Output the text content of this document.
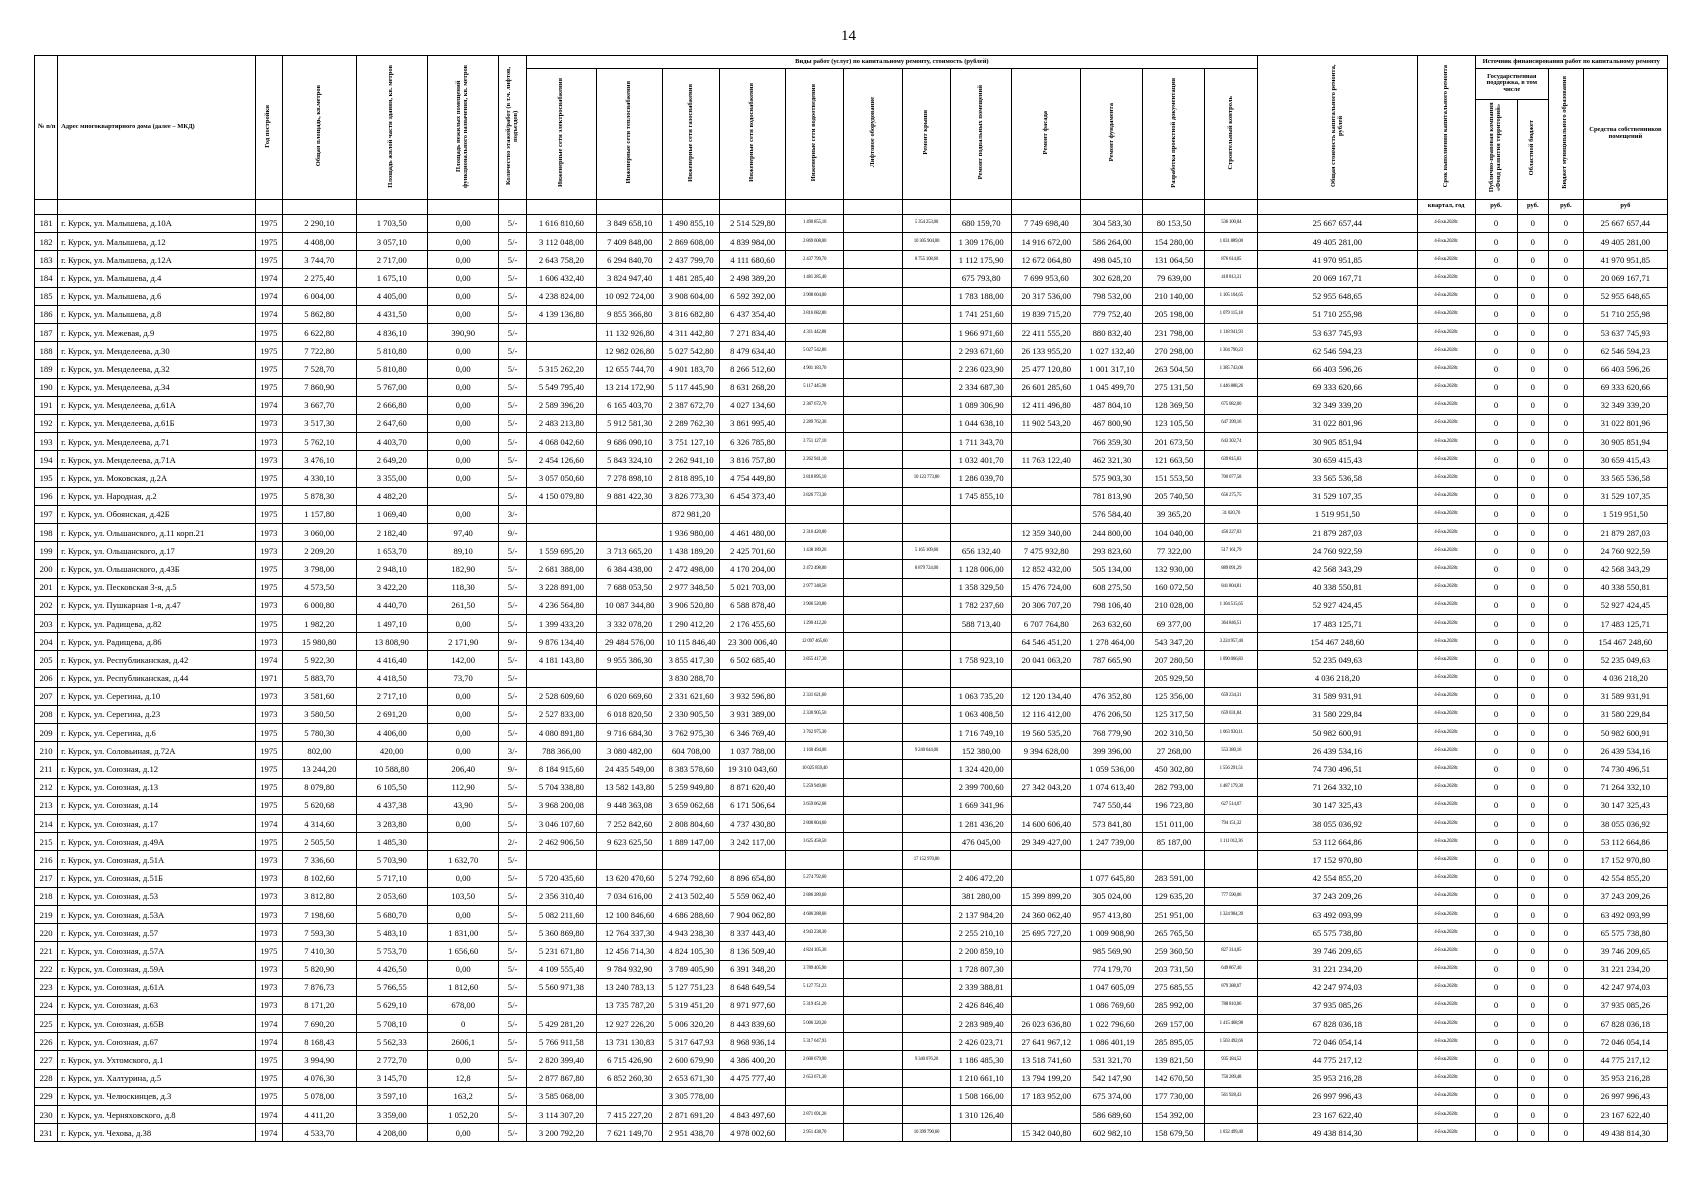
14
№ п/п	Адрес многоквартирного дома (далее – МКД)	Год постройки	Общая площадь, кв.метров	Площадь жилой части здания, кв. метров	Площадь нежилых помещений функционального назначения, кв. метров	Количество этажей/работ (в т.ч. лифтов, подъездов)	Виды работ (услуг) по капитальному ремонту, стоимость (рублей)												Общая стоимость капитального ремонта, рублей	Срок выполнения капитального ремонта	Источник финансирования работ по капитальному ремонту			
							Инженерные сети электроснабжения	Инженерные сети теплоснабжения	Инженерные сети газоснабжения	Инженерные сети водоснабжения	Инженерные сети водоотведения	Лифтовое оборудование	Ремонт крыши	Ремонт подвальных помещений	Ремонт фасада	Ремонт фундамента	Разработка проектной документации	Строительный контроль			Государственная поддержка, в том числе		Бюджет муниципального образования	Средства собственников помещений
																					Публично-правовая компания «Фонд развития территорий»	Областной бюджет		
																				квартал, год	руб.	руб.	руб.	руб
181	г. Курск, ул. Малышева, д.10А	1975	2 290,10	1 703,50	0,00	5/-	1 616 810,60	3 849 658,10	1 490 855,10	2 514 529,80	1 490 855,10		5 354 253,00	680 159,70	7 749 698,40	304 583,30	80 153,50	536 100,04	25 667 657,44	4-й кв.2028г.	0	0	0	25 667 657,44
182	г. Курск, ул. Малышева, д.12	1975	4 408,00	3 057,10	0,00	5/-	3 112 048,00	7 409 848,00	2 869 608,00	4 839 984,00	2 869 608,00		10 305 904,00	1 309 176,00	14 916 672,00	586 264,00	154 280,00	1 031 889,00	49 405 281,00	4-й кв.2028г.	0	0	0	49 405 281,00
183	г. Курск, ул. Малышева, д.12А	1975	3 744,70	2 717,00	0,00	5/-	2 643 758,20	6 294 840,70	2 437 799,70	4 111 680,60	2 437 799,70		8 755 108,60	1 112 175,90	12 672 064,80	498 045,10	131 064,50	876 614,05	41 970 951,85	4-й кв.2028г.	0	0	0	41 970 951,85
184	г. Курск, ул. Малышева, д.4	1974	2 275,40	1 675,10	0,00	5/-	1 606 432,40	3 824 947,40	1 481 285,40	2 498 389,20	1 481 285,40			675 793,80	7 699 953,60	302 628,20	79 639,00	418 813,31	20 069 167,71	4-й кв.2028г.	0	0	0	20 069 167,71
185	г. Курск, ул. Малышева, д.6	1974	6 004,00	4 405,00	0,00	5/-	4 238 824,00	10 092 724,00	3 908 604,00	6 592 392,00	3 908 604,00			1 783 188,00	20 317 536,00	798 532,00	210 140,00	1 105 104,65	52 955 648,65	4-й кв.2028г.	0	0	0	52 955 648,65
186	г. Курск, ул. Малышева, д.8	1974	5 862,80	4 431,50	0,00	5/-	4 139 136,80	9 855 366,80	3 816 682,80	6 437 354,40	3 816 682,80			1 741 251,60	19 839 715,20	779 752,40	205 198,00	1 079 115,18	51 710 255,98	4-й кв.2028г.	0	0	0	51 710 255,98
187	г. Курск, ул. Межевая, д.9	1975	6 622,80	4 836,10	390,90	5/-		11 132 926,80	4 311 442,80	7 271 834,40	4 311 442,80			1 966 971,60	22 411 555,20	880 832,40	231 798,00	1 118 941,93	53 637 745,93	4-й кв.2028г.	0	0	0	53 637 745,93
188	г. Курск, ул. Менделеева, д.30	1975	7 722,80	5 810,80	0,00	5/-		12 982 026,80	5 027 542,80	8 479 634,40	5 027 542,80			2 293 671,60	26 133 955,20	1 027 132,40	270 298,00	1 304 790,23	62 546 594,23	4-й кв.2028г.	0	0	0	62 546 594,23
189	г. Курск, ул. Менделеева, д.32	1975	7 528,70	5 810,80	0,00	5/-	5 315 262,20	12 655 744,70	4 901 183,70	8 266 512,60	4 901 183,70			2 236 023,90	25 477 120,80	1 001 317,10	263 504,50	1 385 743,06	66 403 596,26	4-й кв.2028г.	0	0	0	66 403 596,26
190	г. Курск, ул. Менделеева, д.34	1975	7 860,90	5 767,00	0,00	5/-	5 549 795,40	13 214 172,90	5 117 445,90	8 631 268,20	5 117 445,90			2 334 687,30	26 601 285,60	1 045 499,70	275 131,50	1 446 888,26	69 333 620,66	4-й кв.2028г.	0	0	0	69 333 620,66
191	г. Курск, ул. Менделеева, д.61А	1974	3 667,70	2 666,80	0,00	5/-	2 589 396,20	6 165 403,70	2 387 672,70	4 027 134,60	2 387 672,70			1 089 306,90	12 411 496,80	487 804,10	128 369,50	675 082,00	32 349 339,20	4-й кв.2028г.	0	0	0	32 349 339,20
192	г. Курск, ул. Менделеева, д.61Б	1973	3 517,30	2 647,60	0,00	5/-	2 483 213,80	5 912 581,30	2 289 762,30	3 861 995,40	2 289 762,30			1 044 638,10	11 902 543,20	467 800,90	123 105,50	647 399,16	31 022 801,96	4-й кв.2028г.	0	0	0	31 022 801,96
193	г. Курск, ул. Менделеева, д.71	1973	5 762,10	4 403,70	0,00	5/-	4 068 042,60	9 686 090,10	3 751 127,10	6 326 785,80	3 751 127,10			1 711 343,70		766 359,30	201 673,50	643 302,74	30 905 851,94	4-й кв.2028г.	0	0	0	30 905 851,94
194	г. Курск, ул. Менделеева, д.71А	1973	3 476,10	2 649,20	0,00	5/-	2 454 126,60	5 843 324,10	2 262 941,10	3 816 757,80	2 262 941,10			1 032 401,70	11 763 122,40	462 321,30	121 663,50	639 815,83	30 659 415,43	4-й кв.2028г.	0	0	0	30 659 415,43
195	г. Курск, ул. Моковская, д.2А	1975	4 330,10	3 355,00	0,00	5/-	3 057 050,60	7 278 898,10	2 818 895,10	4 754 449,80	2 818 895,10		10 123 773,80	1 286 039,70		575 903,30	151 553,50	700 077,58	33 565 536,58	4-й кв.2028г.	0	0	0	33 565 536,58
196	г. Курск, ул. Народная, д.2	1975	5 878,30	4 482,20		5/-	4 150 079,80	9 881 422,30	3 826 773,30	6 454 373,40	3 826 773,30			1 745 855,10		781 813,90	205 740,50	656 275,75	31 529 107,35	4-й кв.2028г.	0	0	0	31 529 107,35
197	г. Курск, ул. Обоянская, д.42Б	1975	1 157,80	1 069,40	0,00	3/-			872 981,20							576 584,40	39 365,20	31 020,70	1 519 951,50	4-й кв.2028г.	0	0	0	1 519 951,50
198	г. Курск, ул. Ольшанского, д.11 корп.21	1973	3 060,00	2 182,40	97,40	9/-			1 936 980,00	4 461 480,00	2 316 420,00				12 359 340,00	244 800,00	104 040,00	456 227,03	21 879 287,03	4-й кв.2028г.	0	0	0	21 879 287,03
199	г. Курск, ул. Ольшанского, д.17	1973	2 209,20	1 653,70	89,10	5/-	1 559 695,20	3 713 665,20	1 438 189,20	2 425 701,60	1 438 189,20		5 165 109,60	656 132,40	7 475 932,80	293 823,60	77 322,00	517 161,79	24 760 922,59	4-й кв.2028г.	0	0	0	24 760 922,59
200	г. Курск, ул. Ольшанского, д.43Б	1975	3 798,00	2 948,10	182,90	5/-	2 681 388,00	6 384 438,00	2 472 498,00	4 170 204,00	2 472 498,00		8 879 724,00	1 128 006,00	12 852 432,00	505 134,00	132 930,00	889 091,29	42 568 343,29	4-й кв.2028г.	0	0	0	42 568 343,29
201	г. Курск, ул. Песковская 3-я, д.5	1975	4 573,50	3 422,20	118,30	5/-	3 228 891,00	7 688 053,50	2 977 348,50	5 021 703,00	2 977 348,50			1 358 329,50	15 476 724,00	608 275,50	160 072,50	841 804,81	40 338 550,81	4-й кв.2028г.	0	0	0	40 338 550,81
202	г. Курск, ул. Пушкарная 1-я, д.47	1973	6 000,80	4 440,70	261,50	5/-	4 236 564,80	10 087 344,80	3 906 520,80	6 588 878,40	3 906 520,80			1 782 237,60	20 306 707,20	798 106,40	210 028,00	1 104 515,65	52 927 424,45	4-й кв.2028г.	0	0	0	52 927 424,45
203	г. Курск, ул. Радищева, д.82	1975	1 982,20	1 497,10	0,00	5/-	1 399 433,20	3 332 078,20	1 290 412,20	2 176 455,60	1 290 412,20			588 713,40	6 707 764,80	263 632,60	69 377,00	364 846,51	17 483 125,71	4-й кв.2028г.	0	0	0	17 483 125,71
204	г. Курск, ул. Радищева, д.86	1973	15 980,80	13 808,90	2 171,90	9/-	9 876 134,40	29 484 576,00	10 115 846,40	23 300 006,40	12 097 465,60				64 546 451,20	1 278 464,00	543 347,20	3 224 957,40	154 467 248,60	4-й кв.2028г.	0	0	0	154 467 248,60
205	г. Курск, ул. Республиканская, д.42	1974	5 922,30	4 416,40	142,00	5/-	4 181 143,80	9 955 386,30	3 855 417,30	6 502 685,40	3 855 417,30			1 758 923,10	20 041 063,20	787 665,90	207 280,50	1 090 066,83	52 235 049,63	4-й кв.2028г.	0	0	0	52 235 049,63
206	г. Курск, ул. Республиканская, д.44	1971	5 883,70	4 418,50	73,70	5/-			3 830 288,70								205 929,50		4 036 218,20	4-й кв.2028г.	0	0	0	4 036 218,20
207	г. Курск, ул. Серегина, д.10	1973	3 581,60	2 717,10	0,00	5/-	2 528 609,60	6 020 669,60	2 331 621,60	3 932 596,80	2 331 621,60			1 063 735,20	12 120 134,40	476 352,80	125 356,00	659 234,31	31 589 931,91	4-й кв.2028г.	0	0	0	31 589 931,91
208	г. Курск, ул. Серегина, д.23	1973	3 580,50	2 691,20	0,00	5/-	2 527 833,00	6 018 820,50	2 330 905,50	3 931 389,00	2 330 905,50			1 063 408,50	12 116 412,00	476 206,50	125 317,50	659 031,84	31 580 229,84	4-й кв.2028г.	0	0	0	31 580 229,84
209	г. Курск, ул. Серегина, д.6	1975	5 780,30	4 406,00	0,00	5/-	4 080 891,80	9 716 684,30	3 762 975,30	6 346 769,40	3 762 975,30			1 716 749,10	19 560 535,20	768 779,90	202 310,50	1 063 930,11	50 982 600,91	4-й кв.2028г.	0	0	0	50 982 600,91
210	г. Курск, ул. Соловьиная, д.72А	1975	802,00	420,00	0,00	3/-	788 366,00	3 080 482,00	604 708,00	1 037 788,00	1 160 494,00		9 240 644,00	152 380,00	9 394 628,00	399 396,00	27 268,00	553 380,16	26 439 534,16	4-й кв.2028г.	0	0	0	26 439 534,16
211	г. Курск, ул. Союзная, д.12	1975	13 244,20	10 588,80	206,40	9/-	8 184 915,60	24 435 549,00	8 383 578,60	19 310 043,60	10 025 859,40			1 324 420,00		1 059 536,00	450 302,80	1 556 291,51	74 730 496,51	4-й кв.2028г.	0	0	0	74 730 496,51
212	г. Курск, ул. Союзная, д.13	1975	8 079,80	6 105,50	112,90	5/-	5 704 338,80	13 582 143,80	5 259 949,80	8 871 620,40	5 259 949,80			2 399 700,60	27 342 043,20	1 074 613,40	282 793,00	1 487 179,30	71 264 332,10	4-й кв.2028г.	0	0	0	71 264 332,10
213	г. Курск, ул. Союзная, д.14	1975	5 620,68	4 437,38	43,90	5/-	3 968 200,08	9 448 363,08	3 659 062,68	6 171 506,64	3 659 062,68			1 669 341,96		747 550,44	196 723,80	627 514,07	30 147 325,43	4-й кв.2028г.	0	0	0	30 147 325,43
214	г. Курск, ул. Союзная, д.17	1974	4 314,60	3 283,80	0,00	5/-	3 046 107,60	7 252 842,60	2 808 804,60	4 737 430,80	2 808 804,60			1 281 436,20	14 600 606,40	573 841,80	151 011,00	794 151,32	38 055 036,92	4-й кв.2028г.	0	0	0	38 055 036,92
215	г. Курск, ул. Союзная, д.49А	1975	2 505,50	1 485,30		2/-	2 462 906,50	9 623 625,50	1 889 147,00	3 242 117,00	3 625 458,50			476 045,00	29 349 427,00	1 247 739,00	85 187,00	1 111 012,36	53 112 664,86	4-й кв.2028г.	0	0	0	53 112 664,86
216	г. Курск, ул. Союзная, д.51А	1973	7 336,60	5 703,90	1 632,70	5/-							17 152 970,80						17 152 970,80	4-й кв.2028г.	0	0	0	17 152 970,80
217	г. Курск, ул. Союзная, д.51Б	1973	8 102,60	5 717,10	0,00	5/-	5 720 435,60	13 620 470,60	5 274 792,60	8 896 654,80	5 274 792,60			2 406 472,20		1 077 645,80	283 591,00		42 554 855,20	4-й кв.2028г.	0	0	0	42 554 855,20
218	г. Курск, ул. Союзная, д.53	1973	3 812,80	2 053,60	103,50	5/-	2 356 310,40	7 034 616,00	2 413 502,40	5 559 062,40	2 886 289,60			381 280,00	15 399 899,20	305 024,00	129 635,20	777 590,06	37 243 209,26	4-й кв.2028г.	0	0	0	37 243 209,26
219	г. Курск, ул. Союзная, д.53А	1973	7 198,60	5 680,70	0,00	5/-	5 082 211,60	12 100 846,60	4 686 288,60	7 904 062,80	4 686 288,60			2 137 984,20	24 360 062,40	957 413,80	251 951,00	1 324 984,39	63 492 093,99	4-й кв.2028г.	0	0	0	63 492 093,99
220	г. Курск, ул. Союзная, д.57	1973	7 593,30	5 483,10	1 831,00	5/-	5 360 869,80	12 764 337,30	4 943 238,30	8 337 443,40	4 943 238,30			2 255 210,10	25 695 727,20	1 009 908,90	265 765,50		65 575 738,80	4-й кв.2028г.	0	0	0	65 575 738,80
221	г. Курск, ул. Союзная, д.57А	1975	7 410,30	5 753,70	1 656,60	5/-	5 231 671,80	12 456 714,30	4 824 105,30	8 136 509,40	4 824 105,30			2 200 859,10		985 569,90	259 360,50	827 314,05	39 746 209,65	4-й кв.2028г.	0	0	0	39 746 209,65
222	г. Курск, ул. Союзная, д.59А	1973	5 820,90	4 426,50	0,00	5/-	4 109 555,40	9 784 932,90	3 789 405,90	6 391 348,20	3 789 405,90			1 728 807,30		774 179,70	203 731,50	649 867,40	31 221 234,20	4-й кв.2028г.	0	0	0	31 221 234,20
223	г. Курск, ул. Союзная, д.61А	1973	7 876,73	5 766,55	1 812,60	5/-	5 560 971,38	13 240 783,13	5 127 751,23	8 648 649,54	5 127 751,23			2 339 388,81		1 047 605,09	275 685,55	879 388,07	42 247 974,03	4-й кв.2028г.	0	0	0	42 247 974,03
224	г. Курск, ул. Союзная, д.63	1973	8 171,20	5 629,10	678,00	5/-		13 735 787,20	5 319 451,20	8 971 977,60	5 319 451,20			2 426 846,40		1 086 769,60	285 992,00	788 810,06	37 935 085,26	4-й кв.2028г.	0	0	0	37 935 085,26
225	г. Курск, ул. Союзная, д.65В	1974	7 690,20	5 708,10	0	5/-	5 429 281,20	12 927 226,20	5 006 320,20	8 443 839,60	5 006 320,20			2 283 989,40	26 023 636,80	1 022 796,60	269 157,00	1 415 468,98	67 828 036,18	4-й кв.2028г.	0	0	0	67 828 036,18
226	г. Курск, ул. Союзная, д.67	1974	8 168,43	5 562,33	2606,1	5/-	5 766 911,58	13 731 130,83	5 317 647,93	8 968 936,14	5 317 647,93			2 426 023,71	27 641 967,12	1 086 401,19	285 895,05	1 503 492,66	72 046 054,14	4-й кв.2028г.	0	0	0	72 046 054,14
227	г. Курск, ул. Ухтомского, д.1	1975	3 994,90	2 772,70	0,00	5/-	2 820 399,40	6 715 426,90	2 600 679,90	4 386 400,20	2 600 679,90		9 340 076,20	1 186 485,30	13 518 741,60	531 321,70	139 821,50	935 184,52	44 775 217,12	4-й кв.2028г.	0	0	0	44 775 217,12
228	г. Курск, ул. Халтурина, д.5	1975	4 076,30	3 145,70	12,8	5/-	2 877 867,80	6 852 260,30	2 653 671,30	4 475 777,40	2 653 671,30			1 210 661,10	13 794 199,20	542 147,90	142 670,50	750 289,48	35 953 216,28	4-й кв.2028г.	0	0	0	35 953 216,28
229	г. Курск, ул. Челюскинцев, д.3	1975	5 078,00	3 597,10	163,2	5/-	3 585 068,00		3 305 778,00					1 508 166,00	17 183 952,00	675 374,00	177 730,00	561 928,43	26 997 996,43	4-й кв.2028г.	0	0	0	26 997 996,43
230	г. Курск, ул. Черняховского, д.8	1974	4 411,20	3 359,00	1 052,20	5/-	3 114 307,20	7 415 227,20	2 871 691,20	4 843 497,60	2 871 691,20			1 310 126,40		586 689,60	154 392,00		23 167 622,40	4-й кв.2028г.	0	0	0	23 167 622,40
231	г. Курск, ул. Чехова, д.38	1974	4 533,70	4 208,00	0,00	5/-	3 200 792,20	7 621 149,70	2 951 438,70	4 978 002,60	2 951 438,70		10 399 790,60		15 342 040,80	602 982,10	158 679,50	1 032 499,40	49 438 814,30	4-й кв.2028г.	0	0	0	49 438 814,30
